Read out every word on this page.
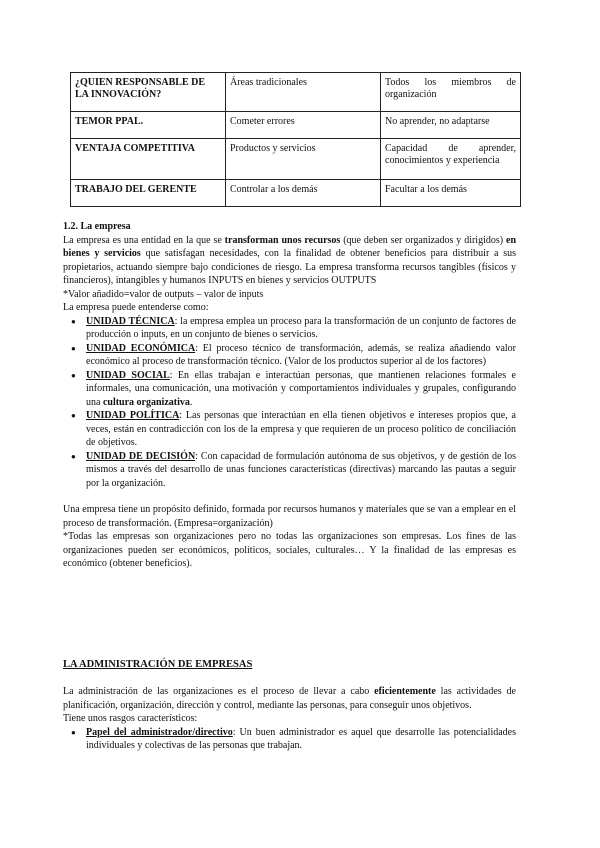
¿QUIEN RESPONSABLE DE LA INNOVACIÓN?	Áreas tradicionales	Todos los miembros de organización
TEMOR PPAL.	Cometer errores	No aprender, no adaptarse
VENTAJA COMPETITIVA	Productos y servicios	Capacidad de aprender, conocimientos y experiencia
TRABAJO DEL GERENTE	Controlar a los demás	Facultar a los demás

1.2. La empresa

La empresa es una entidad en la que se transforman unos recursos (que deben ser organizados y dirigidos) en bienes y servicios que satisfagan necesidades, con la finalidad de obtener beneficios para distribuir a sus propietarios, actuando siempre bajo condiciones de riesgo. La empresa transforma recursos tangibles (físicos y financieros), intangibles y humanos INPUTS en bienes y servicios OUTPUTS

*Valor añadido=valor de outputs – valor de inputs

La empresa puede entenderse como:

● UNIDAD TÉCNICA: la empresa emplea un proceso para la transformación de un conjunto de factores de producción o inputs, en un conjunto de bienes o servicios.
● UNIDAD ECONÓMICA: El proceso técnico de transformación, además, se realiza añadiendo valor económico al proceso de transformación técnico. (Valor de los productos superior al de los factores)
● UNIDAD SOCIAL: En ellas trabajan e interactúan personas, que mantienen relaciones formales e informales, una comunicación, una motivación y comportamientos individuales y grupales, configurando una cultura organizativa.
● UNIDAD POLÍTICA: Las personas que interactúan en ella tienen objetivos e intereses propios que, a veces, están en contradicción con los de la empresa y que requieren de un proceso político de conciliación de objetivos.
● UNIDAD DE DECISIÓN: Con capacidad de formulación autónoma de sus objetivos, y de gestión de los mismos a través del desarrollo de unas funciones características (directivas) marcando las pautas a seguir por la organización.

Una empresa tiene un propósito definido, formada por recursos humanos y materiales que se van a emplear en el proceso de transformación. (Empresa=organización)

*Todas las empresas son organizaciones pero no todas las organizaciones son empresas. Los fines de las organizaciones pueden ser económicos, políticos, sociales, culturales… Y la finalidad de las empresas es económico (obtener beneficios).

LA ADMINISTRACIÓN DE EMPRESAS

La administración de las organizaciones es el proceso de llevar a cabo eficientemente las actividades de planificación, organización, dirección y control, mediante las personas, para conseguir unos objetivos.

Tiene unos rasgos característicos:

● Papel del administrador/directivo: Un buen administrador es aquel que desarrolle las potencialidades individuales y colectivas de las personas que trabajan.
